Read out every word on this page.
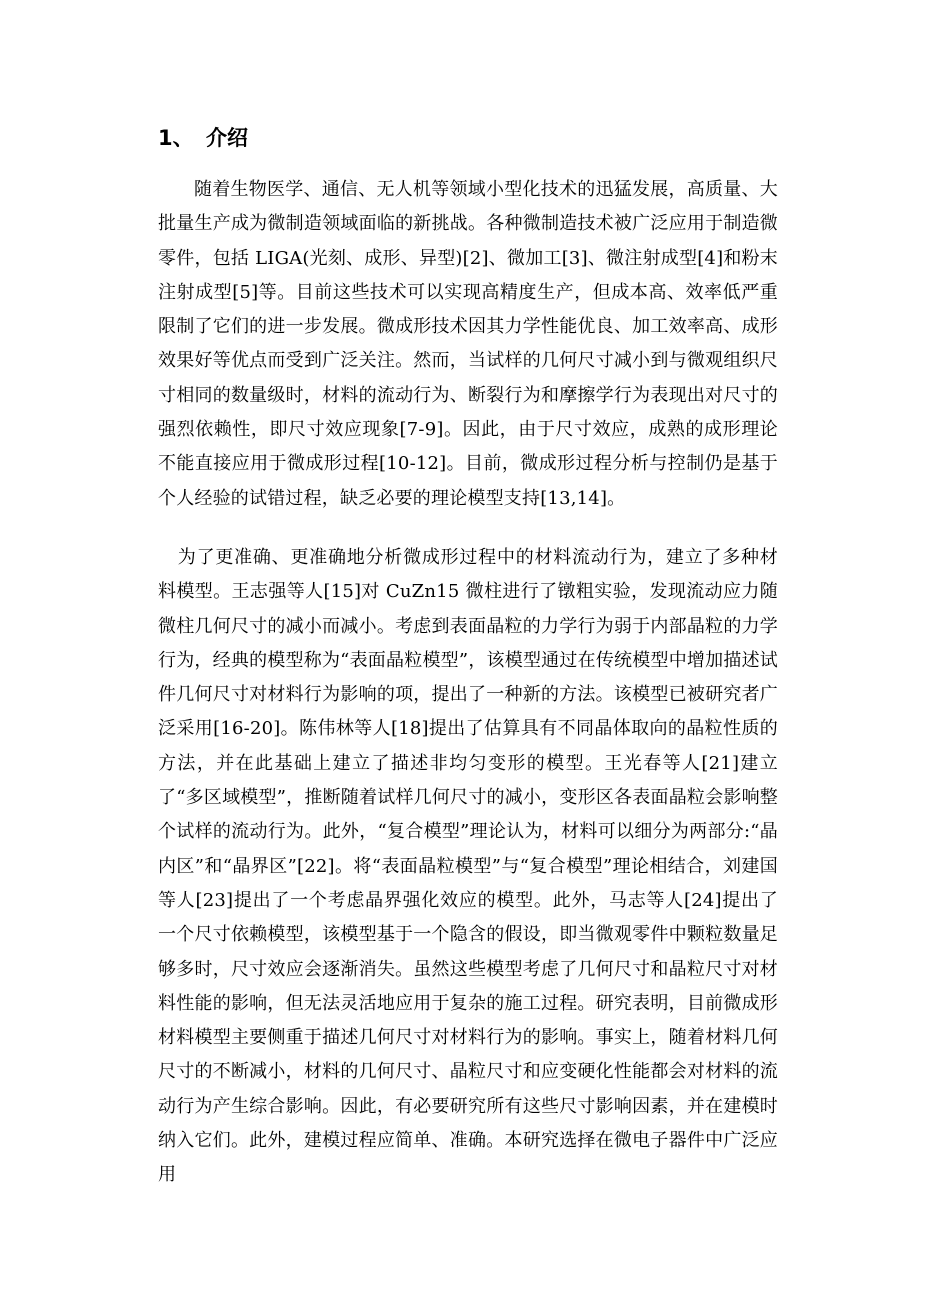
1、 介绍

随着生物医学、通信、无人机等领域小型化技术的迅猛发展，高质量、大批量生产成为微制造领域面临的新挑战。各种微制造技术被广泛应用于制造微零件，包括 LIGA(光刻、成形、异型)[2]、微加工[3]、微注射成型[4]和粉末注射成型[5]等。目前这些技术可以实现高精度生产，但成本高、效率低严重限制了它们的进一步发展。微成形技术因其力学性能优良、加工效率高、成形效果好等优点而受到广泛关注。然而，当试样的几何尺寸减小到与微观组织尺寸相同的数量级时，材料的流动行为、断裂行为和摩擦学行为表现出对尺寸的强烈依赖性，即尺寸效应现象[7-9]。因此，由于尺寸效应，成熟的成形理论不能直接应用于微成形过程[10-12]。目前，微成形过程分析与控制仍是基于个人经验的试错过程，缺乏必要的理论模型支持[13,14]。

为了更准确、更准确地分析微成形过程中的材料流动行为，建立了多种材料模型。王志强等人[15]对 CuZn15 微柱进行了镦粗实验，发现流动应力随微柱几何尺寸的减小而减小。考虑到表面晶粒的力学行为弱于内部晶粒的力学行为，经典的模型称为“表面晶粒模型”，该模型通过在传统模型中增加描述试件几何尺寸对材料行为影响的项，提出了一种新的方法。该模型已被研究者广泛采用[16-20]。陈伟林等人[18]提出了估算具有不同晶体取向的晶粒性质的方法，并在此基础上建立了描述非均匀变形的模型。王光春等人[21]建立了“多区域模型”，推断随着试样几何尺寸的减小，变形区各表面晶粒会影响整个试样的流动行为。此外，“复合模型”理论认为，材料可以细分为两部分:“晶内区”和“晶界区”[22]。将“表面晶粒模型”与“复合模型”理论相结合，刘建国等人[23]提出了一个考虑晶界强化效应的模型。此外，马志等人[24]提出了一个尺寸依赖模型，该模型基于一个隐含的假设，即当微观零件中颗粒数量足够多时，尺寸效应会逐渐消失。虽然这些模型考虑了几何尺寸和晶粒尺寸对材料性能的影响，但无法灵活地应用于复杂的施工过程。研究表明，目前微成形材料模型主要侧重于描述几何尺寸对材料行为的影响。事实上，随着材料几何尺寸的不断减小，材料的几何尺寸、晶粒尺寸和应变硬化性能都会对材料的流动行为产生综合影响。因此，有必要研究所有这些尺寸影响因素，并在建模时纳入它们。此外，建模过程应简单、准确。本研究选择在微电子器件中广泛应用
